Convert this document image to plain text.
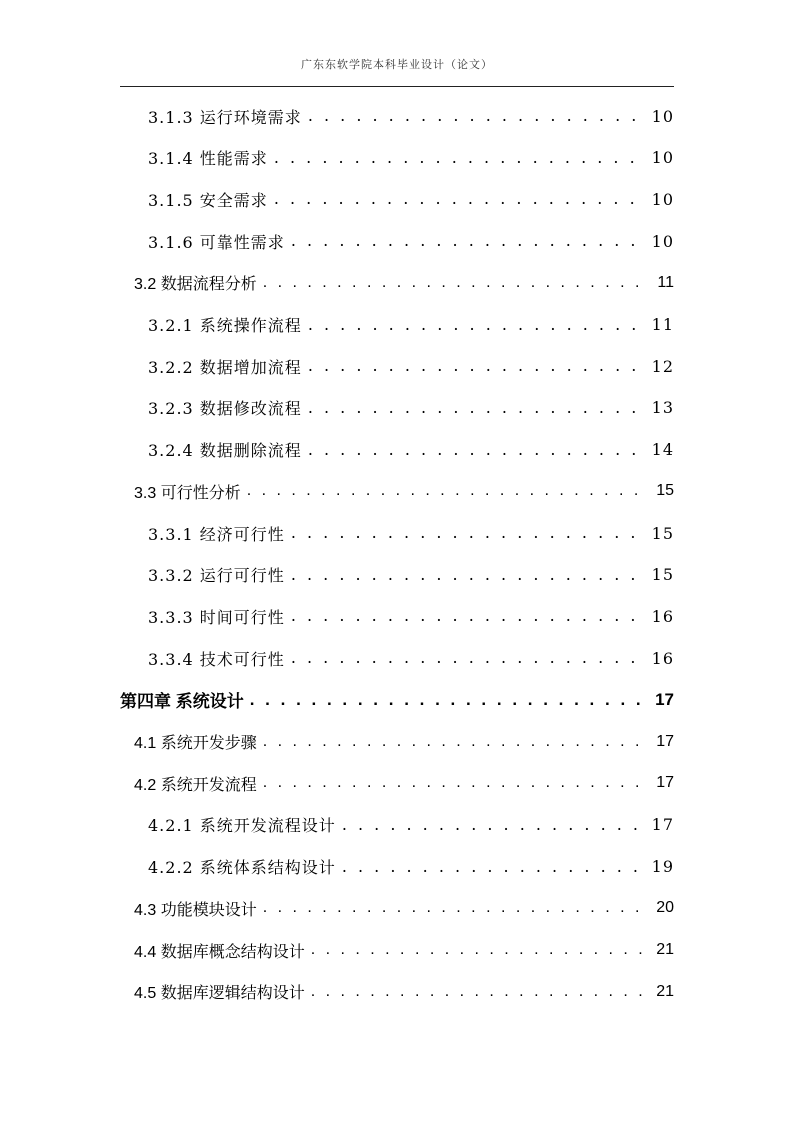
广东东软学院本科毕业设计（论文）
3.1.3 运行环境需求 . . .	10
3.1.4 性能需求 . . .	10
3.1.5 安全需求 . . .	10
3.1.6 可靠性需求 . . .	10
3.2 数据流程分析 . . .	11
3.2.1 系统操作流程 . . .	11
3.2.2 数据增加流程 . . .	12
3.2.3 数据修改流程 . . .	13
3.2.4 数据删除流程 . . .	14
3.3 可行性分析 . . .	15
3.3.1 经济可行性 . . .	15
3.3.2 运行可行性 . . .	15
3.3.3 时间可行性 . . .	16
3.3.4 技术可行性 . . .	16
第四章 系统设计 . . .	17
4.1 系统开发步骤 . . .	17
4.2 系统开发流程 . . .	17
4.2.1 系统开发流程设计 . . .	17
4.2.2 系统体系结构设计 . . .	19
4.3 功能模块设计 . . .	20
4.4 数据库概念结构设计 . . .	21
4.5 数据库逻辑结构设计 . . .	21
